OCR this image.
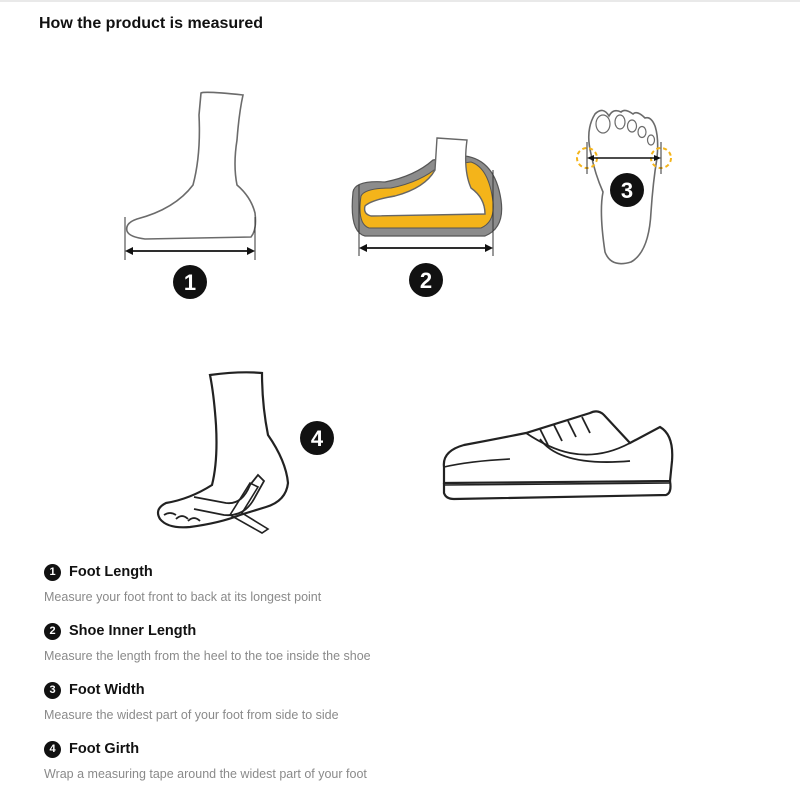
How the product is measured
1	2
3
4
1 Foot Length
Measure your foot front to back at its longest point
2 Shoe Inner Length
Measure the length from the heel to the toe inside the shoe
3 Foot Width
Measure the widest part of your foot from side to side
4 Foot Girth
Wrap a measuring tape around the widest part of your foot
